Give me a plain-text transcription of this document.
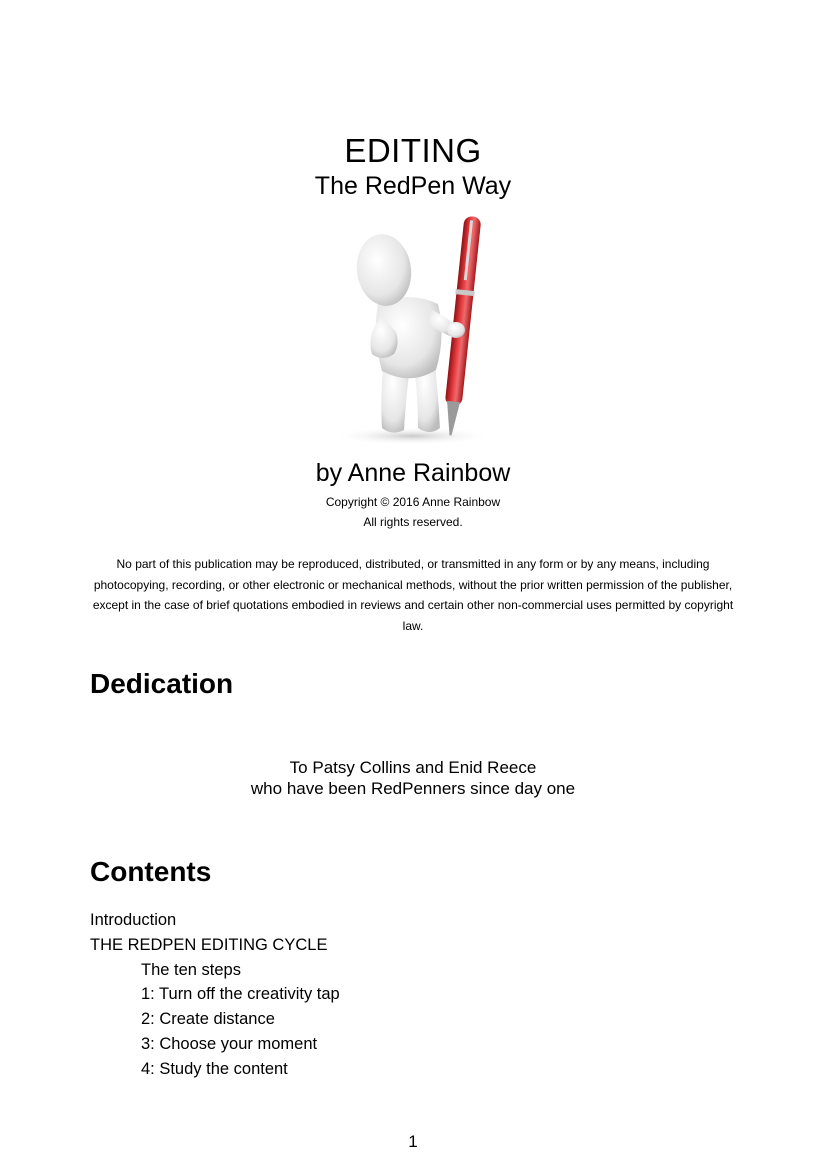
EDITING
The RedPen Way
by Anne Rainbow
Copyright © 2016 Anne Rainbow
All rights reserved.
No part of this publication may be reproduced, distributed, or transmitted in any form or by any means, including photocopying, recording, or other electronic or mechanical methods, without the prior written permission of the publisher, except in the case of brief quotations embodied in reviews and certain other non-commercial uses permitted by copyright law.
Dedication
To Patsy Collins and Enid Reece
who have been RedPenners since day one
Contents
Introduction
THE REDPEN EDITING CYCLE
The ten steps
1: Turn off the creativity tap
2: Create distance
3: Choose your moment
4: Study the content
1
